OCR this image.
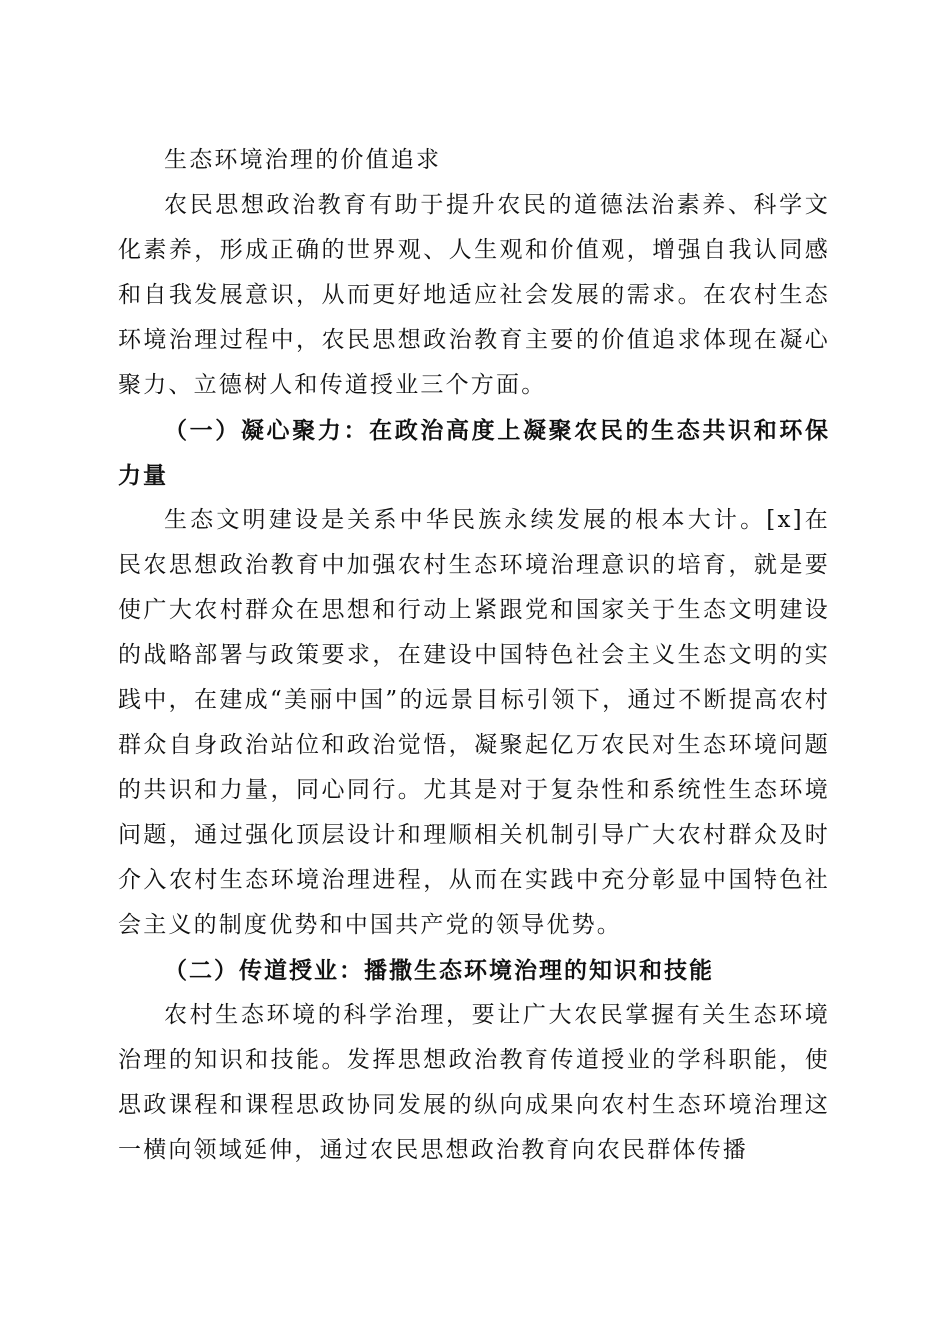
生态环境治理的价值追求

农民思想政治教育有助于提升农民的道德法治素养、科学文化素养，形成正确的世界观、人生观和价值观，增强自我认同感和自我发展意识，从而更好地适应社会发展的需求。在农村生态环境治理过程中，农民思想政治教育主要的价值追求体现在凝心聚力、立德树人和传道授业三个方面。

（一）凝心聚力：在政治高度上凝聚农民的生态共识和环保力量

生态文明建设是关系中华民族永续发展的根本大计。[x]在民农思想政治教育中加强农村生态环境治理意识的培育，就是要使广大农村群众在思想和行动上紧跟党和国家关于生态文明建设的战略部署与政策要求，在建设中国特色社会主义生态文明的实践中，在建成“美丽中国”的远景目标引领下，通过不断提高农村群众自身政治站位和政治觉悟，凝聚起亿万农民对生态环境问题的共识和力量，同心同行。尤其是对于复杂性和系统性生态环境问题，通过强化顶层设计和理顺相关机制引导广大农村群众及时介入农村生态环境治理进程，从而在实践中充分彰显中国特色社会主义的制度优势和中国共产党的领导优势。

（二）传道授业：播撒生态环境治理的知识和技能

农村生态环境的科学治理，要让广大农民掌握有关生态环境治理的知识和技能。发挥思想政治教育传道授业的学科职能，使思政课程和课程思政协同发展的纵向成果向农村生态环境治理这一横向领域延伸，通过农民思想政治教育向农民群体传播
